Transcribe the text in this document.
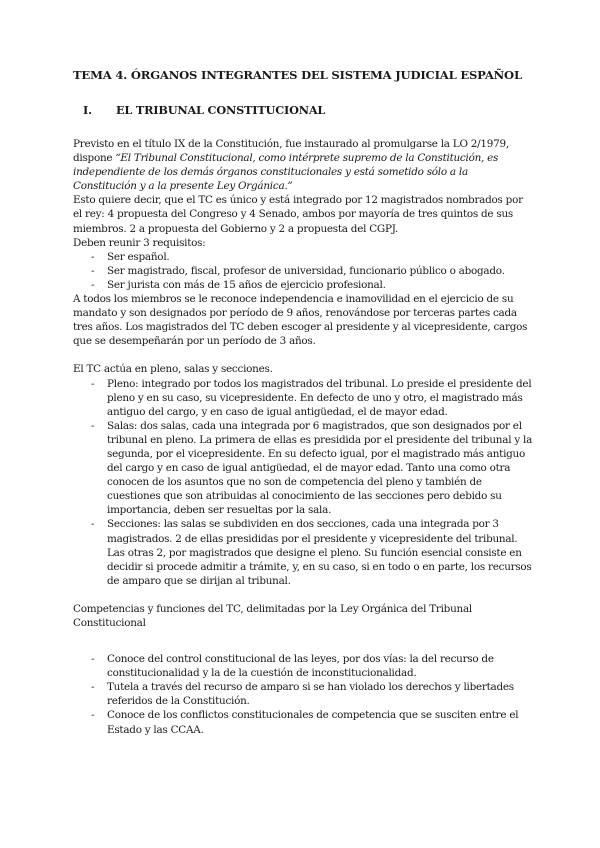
TEMA 4. ÓRGANOS INTEGRANTES DEL SISTEMA JUDICIAL ESPAÑOL
I.	EL TRIBUNAL CONSTITUCIONAL

Previsto en el título IX de la Constitución, fue instaurado al promulgarse la LO 2/1979, dispone “El Tribunal Constitucional, como intérprete supremo de la Constitución, es independiente de los demás órganos constitucionales y está sometido sólo a la Constitución y a la presente Ley Orgánica.”

Esto quiere decir, que el TC es único y está integrado por 12 magistrados nombrados por el rey: 4 propuesta del Congreso y 4 Senado, ambos por mayoría de tres quintos de sus miembros. 2 a propuesta del Gobierno y 2 a propuesta del CGPJ.

Deben reunir 3 requisitos:

- Ser español.
- Ser magistrado, fiscal, profesor de universidad, funcionario público o abogado.
- Ser jurista con más de 15 años de ejercicio profesional.

A todos los miembros se le reconoce independencia e inamovilidad en el ejercicio de su mandato y son designados por período de 9 años, renovándose por terceras partes cada tres años. Los magistrados del TC deben escoger al presidente y al vicepresidente, cargos que se desempeñarán por un período de 3 años.

El TC actúa en pleno, salas y secciones.

- Pleno: integrado por todos los magistrados del tribunal. Lo preside el presidente del pleno y en su caso, su vicepresidente. En defecto de uno y otro, el magistrado más antiguo del cargo, y en caso de igual antigüedad, el de mayor edad.
- Salas: dos salas, cada una integrada por 6 magistrados, que son designados por el tribunal en pleno. La primera de ellas es presidida por el presidente del tribunal y la segunda, por el vicepresidente. En su defecto igual, por el magistrado más antiguo del cargo y en caso de igual antigüedad, el de mayor edad. Tanto una como otra conocen de los asuntos que no son de competencia del pleno y también de cuestiones que son atribuidas al conocimiento de las secciones pero debido su importancia, deben ser resueltas por la sala.
- Secciones: las salas se subdividen en dos secciones, cada una integrada por 3 magistrados. 2 de ellas presididas por el presidente y vicepresidente del tribunal. Las otras 2, por magistrados que designe el pleno. Su función esencial consiste en decidir si procede admitir a trámite, y, en su caso, si en todo o en parte, los recursos de amparo que se dirijan al tribunal.

Competencias y funciones del TC, delimitadas por la Ley Orgánica del Tribunal Constitucional

- Conoce del control constitucional de las leyes, por dos vías: la del recurso de constitucionalidad y la de la cuestión de inconstitucionalidad.
- Tutela a través del recurso de amparo si se han violado los derechos y libertades referidos de la Constitución.
- Conoce de los conflictos constitucionales de competencia que se susciten entre el Estado y las CCAA.
